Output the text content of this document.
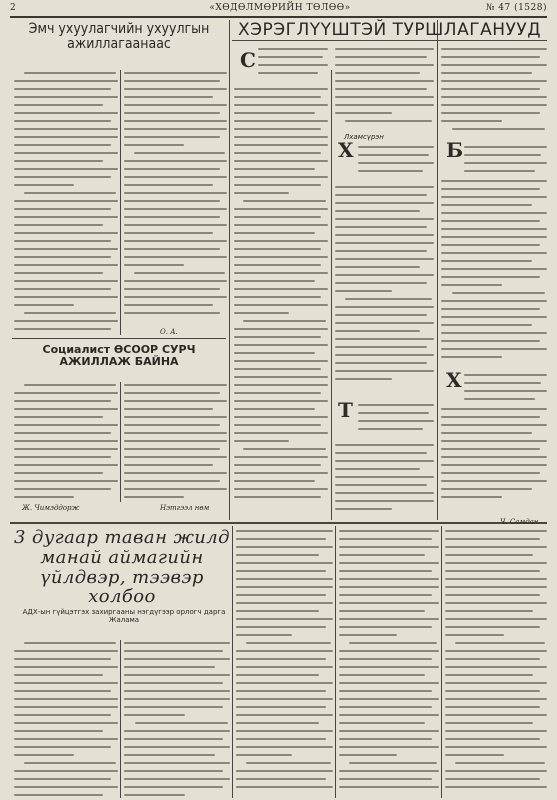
2	«ХӨДӨЛМӨРИЙН ТӨЛӨӨ»	№ 47 (1528)
Эмч ухуулагчийн ухуулгын ажиллагаанаас
ХЭРЭГЛҮҮШТЭЙ ТУРШЛАГАНУУД
Социалист ӨСООР СУРЧ АЖИЛЛАЖ БАЙНА
3 дугаар таван жилд манай аймагийн үйлдвэр, тээвэр холбоо
АДХ-ын гүйцэтгэх захиргааны нэгдүгээр орлогч дарга Жалама
Лхамсүрэн
О. А.
Ж. Чимэддорж	Нэтгээл нөм
Ч. Самдан
С
Х
Т
Х
Б
